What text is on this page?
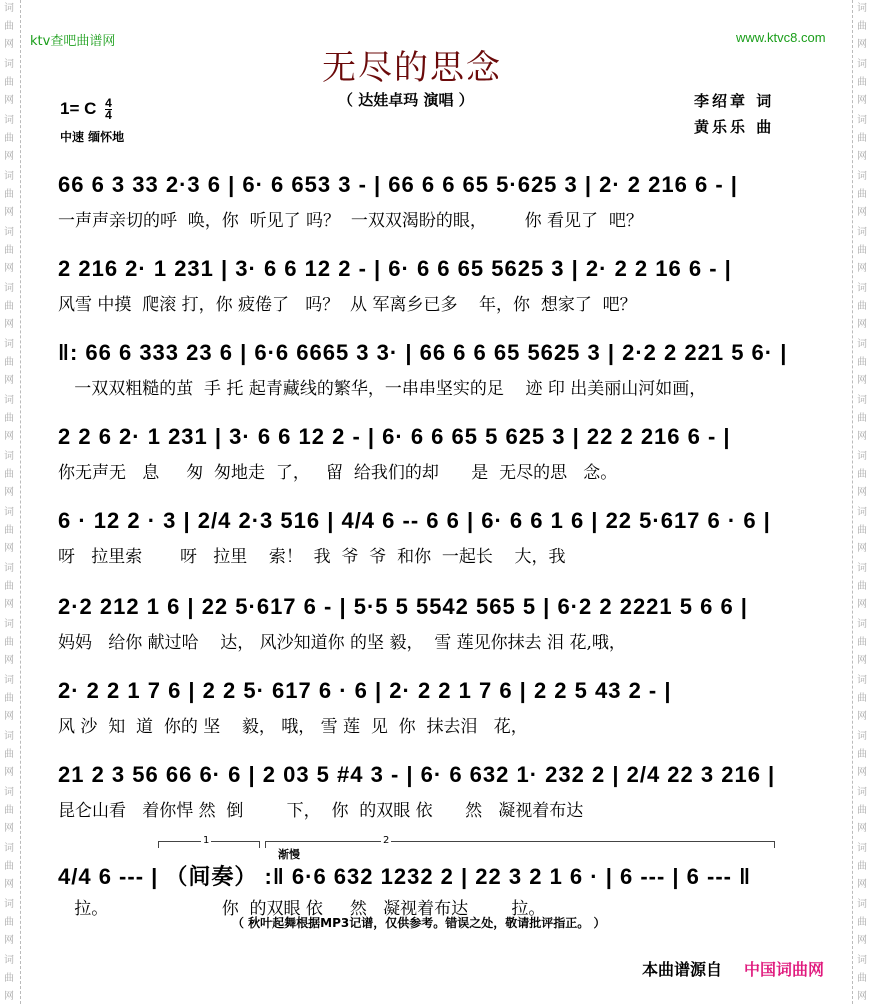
词
曲
网
词
曲
网
词
曲
网
词
曲
网
词
曲
网
词
曲
网
词
曲
网
词
曲
网
词
曲
网
词
曲
网
词
曲
网
词
曲
网
词
曲
网
词
曲
网
词
曲
网
词
曲
网
词
曲
网
词
曲
网
词
曲
网
词
曲
网
词
曲
网
词
曲
网
词
曲
网
词
曲
网
词
曲
网
词
曲
网
词
曲
网
词
曲
网
词
曲
网
词
曲
网
词
曲
网
词
曲
网
词
曲
网
词
曲
网
词
曲
网
词
曲
网
ktv查吧曲谱网	www.ktvc8.com
无尽的思念
（ 达娃卓玛 演唱 ）
1= C $\frac{4}{4}$
中速 缅怀地
李绍章 词
黄乐乐 曲
66 6 3 33 2·3 6 | 6· 6 653 3 - | 66 6 6 65 5·625 3 | 2· 2 216 6 - |
一声声亲切的呼  唤，你  听见了 吗？  一双双渴盼的眼，       你 看见了  吧？
2 216 2· 1 231 | 3· 6 6 12 2 - | 6· 6 6 65 5625 3 | 2· 2 2 16 6 - |
风雪 中摸  爬滚 打，你 疲倦了   吗？  从 军离乡已多    年，你  想家了  吧？
‖: 66 6 333 23 6 | 6·6 6665 3 3· | 66 6 6 65 5625 3 | 2·2 2 221 5 6· |
一双双粗糙的茧  手 托 起青藏线的繁华，一串串坚实的足    迹 印 出美丽山河如画，
2 2 6 2· 1 231 | 3· 6 6 12 2 - | 6· 6 6 65 5 625 3 | 22 2 216 6 - |
你无声无   息     匆  匆地走  了，   留  给我们的却      是  无尽的思   念。
6 · 12 2 · 3 | 2/4 2·3 516 | 4/4 6 -- 6 6 | 6· 6 6 1 6 | 22 5·617 6 · 6 |
呀   拉里索       呀   拉里    索！  我  爷  爷  和你  一起长    大，我
2·2 212 1 6 | 22 5·617 6 - | 5·5 5 5542 565 5 | 6·2 2 2221 5 6 6 |
妈妈   给你 献过哈    达， 风沙知道你 的坚 毅，  雪 莲见你抹去 泪 花,哦，
2· 2 2 1 7 6 | 2 2 5· 617 6 · 6 | 2· 2 2 1 7 6 | 2 2 5 43 2 - |
风 沙  知  道  你的 坚    毅， 哦， 雪 莲  见  你  抹去泪   花，
21 2 3 56 66 6· 6 | 2 03 5 #4 3 - | 6· 6 632 1· 232 2 | 2/4 22 3 216 |
昆仑山看   着你悍 然  倒        下，  你  的双眼 依      然   凝视着布达
1	2
渐慢
4/4 6 --- | （间奏） :‖ 6·6 632 1232 2 | 22 3 2 1 6 · | 6 --- | 6 --- ‖
拉。                     你  的双眼 依     然   凝视着布达        拉。
（ 秋叶起舞根据MP3记谱，仅供参考。错误之处，敬请批评指正。 ）
本曲谱源自 中国词曲网
